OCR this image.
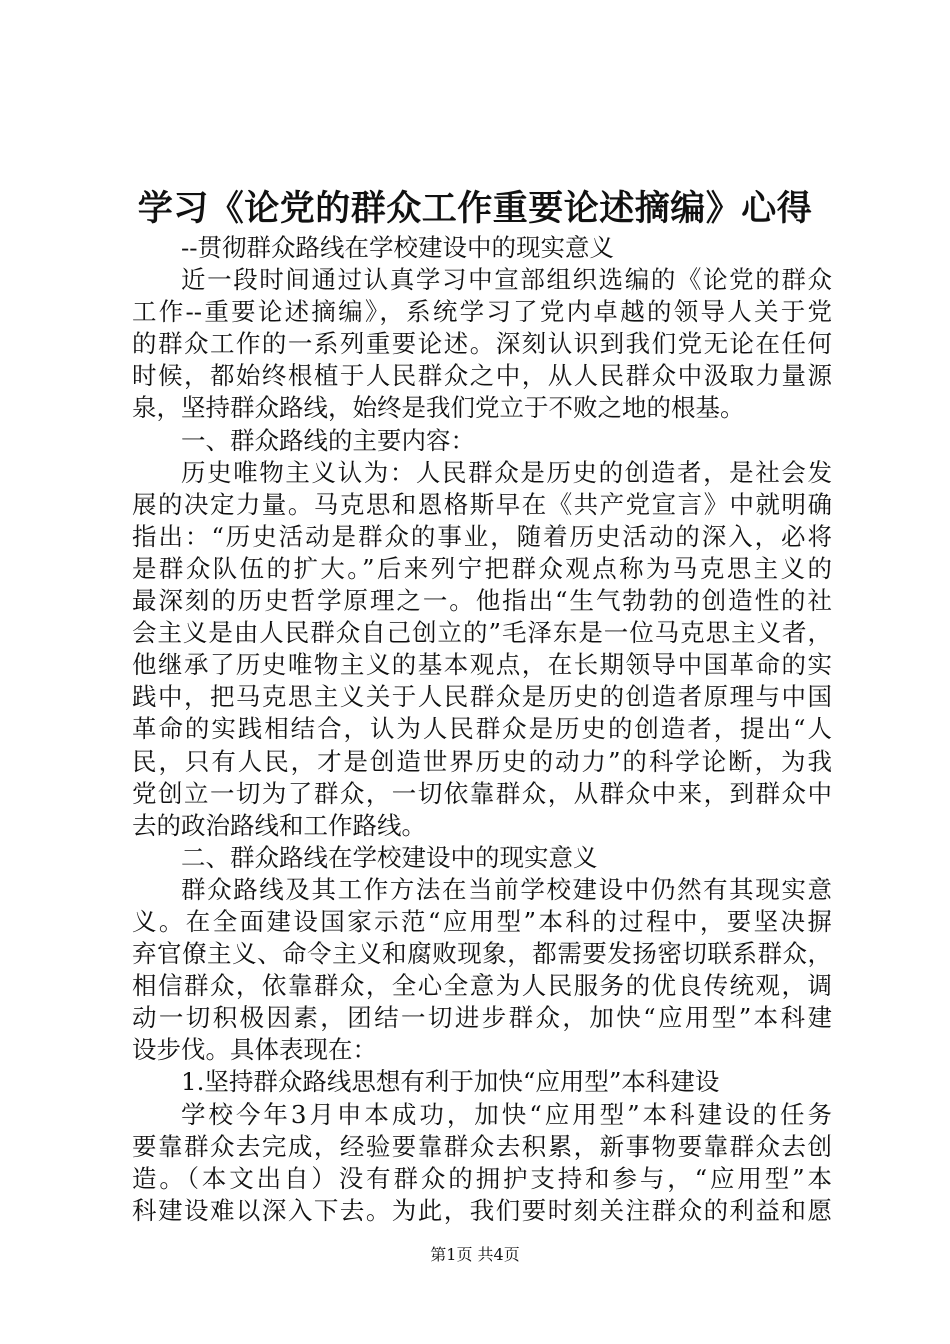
学习《论党的群众工作重要论述摘编》心得

--贯彻群众路线在学校建设中的现实意义

近一段时间通过认真学习中宣部组织选编的《论党的群众

工作--重要论述摘编》，系统学习了党内卓越的领导人关于党

的群众工作的一系列重要论述。深刻认识到我们党无论在任何

时候，都始终根植于人民群众之中，从人民群众中汲取力量源

泉，坚持群众路线，始终是我们党立于不败之地的根基。

一、群众路线的主要内容：

历史唯物主义认为：人民群众是历史的创造者，是社会发

展的决定力量。马克思和恩格斯早在《共产党宣言》中就明确

指出：“历史活动是群众的事业，随着历史活动的深入，必将

是群众队伍的扩大。”后来列宁把群众观点称为马克思主义的

最深刻的历史哲学原理之一。他指出“生气勃勃的创造性的社

会主义是由人民群众自己创立的”毛泽东是一位马克思主义者，

他继承了历史唯物主义的基本观点，在长期领导中国革命的实

践中，把马克思主义关于人民群众是历史的创造者原理与中国

革命的实践相结合，认为人民群众是历史的创造者，提出“人

民，只有人民，才是创造世界历史的动力”的科学论断，为我

党创立一切为了群众，一切依靠群众，从群众中来，到群众中

去的政治路线和工作路线。

二、群众路线在学校建设中的现实意义

群众路线及其工作方法在当前学校建设中仍然有其现实意

义。在全面建设国家示范“应用型”本科的过程中，要坚决摒

弃官僚主义、命令主义和腐败现象，都需要发扬密切联系群众，

相信群众，依靠群众，全心全意为人民服务的优良传统观，调

动一切积极因素，团结一切进步群众，加快“应用型”本科建

设步伐。具体表现在：

1.坚持群众路线思想有利于加快“应用型”本科建设

学校今年3月申本成功，加快“应用型”本科建设的任务

要靠群众去完成，经验要靠群众去积累，新事物要靠群众去创

造。（本文出自）没有群众的拥护支持和参与，“应用型”本

科建设难以深入下去。为此，我们要时刻关注群众的利益和愿

第1页 共4页
